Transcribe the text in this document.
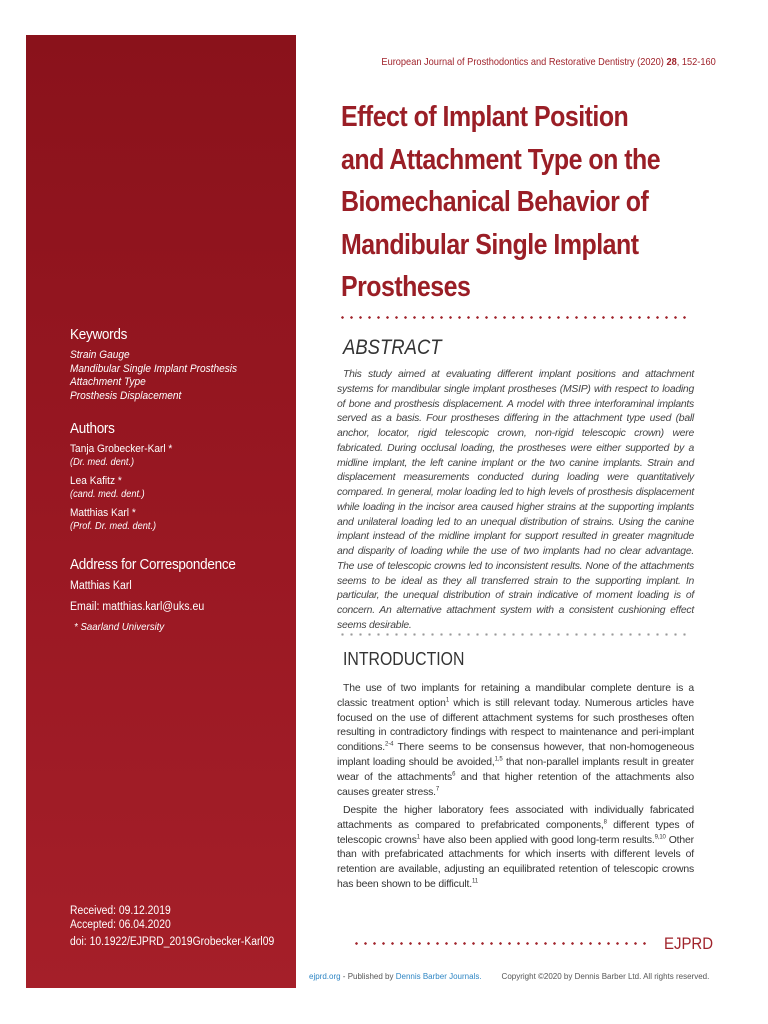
Keywords
Strain Gauge
Mandibular Single Implant Prosthesis
Attachment Type
Prosthesis Displacement
Authors
Tanja Grobecker-Karl *
(Dr. med. dent.)
Lea Kafitz *
(cand. med. dent.)
Matthias Karl *
(Prof. Dr. med. dent.)
Address for Correspondence
Matthias Karl
Email: matthias.karl@uks.eu
* Saarland University
Received: 09.12.2019
Accepted: 06.04.2020
doi: 10.1922/EJPRD_2019Grobecker-Karl09
European Journal of Prosthodontics and Restorative Dentistry (2020) 28, 152-160
Effect of Implant Position and Attachment Type on the Biomechanical Behavior of Mandibular Single Implant Prostheses
ABSTRACT
This study aimed at evaluating different implant positions and attachment systems for mandibular single implant prostheses (MSIP) with respect to loading of bone and prosthesis displacement. A model with three interforaminal implants served as a basis. Four prostheses differing in the attachment type used (ball anchor, locator, rigid telescopic crown, non-rigid telescopic crown) were fabricated. During occlusal loading, the prostheses were either supported by a midline implant, the left canine implant or the two canine implants. Strain and displacement measurements conducted during loading were quantitatively compared. In general, molar loading led to high levels of prosthesis displacement while loading in the incisor area caused higher strains at the supporting implants and unilateral loading led to an unequal distribution of strains. Using the canine implant instead of the midline implant for support resulted in greater magnitude and disparity of loading while the use of two implants had no clear advantage. The use of telescopic crowns led to inconsistent results. None of the attachments seems to be ideal as they all transferred strain to the supporting implant. In particular, the unequal distribution of strain indicative of moment loading is of concern. An alternative attachment system with a consistent cushioning effect seems desirable.
INTRODUCTION

The use of two implants for retaining a mandibular complete denture is a classic treatment option$^1$ which is still relevant today. Numerous articles have focused on the use of different attachment systems for such prostheses often resulting in contradictory findings with respect to maintenance and peri-implant conditions.$^{2-4}$ There seems to be consensus however, that non-homogeneous implant loading should be avoided,$^{1,5}$ that non-parallel implants result in greater wear of the attachments$^6$ and that higher retention of the attachments also causes greater stress.$^7$

Despite the higher laboratory fees associated with individually fabricated attachments as compared to prefabricated components,$^8$ different types of telescopic crowns$^1$ have also been applied with good long-term results.$^{9,10}$ Other than with prefabricated attachments for which inserts with different levels of retention are available, adjusting an equilibrated retention of telescopic crowns has been shown to be difficult.$^{11}$

EJPRD
ejprd.org - Published by Dennis Barber Journals.	Copyright ©2020 by Dennis Barber Ltd. All rights reserved.
